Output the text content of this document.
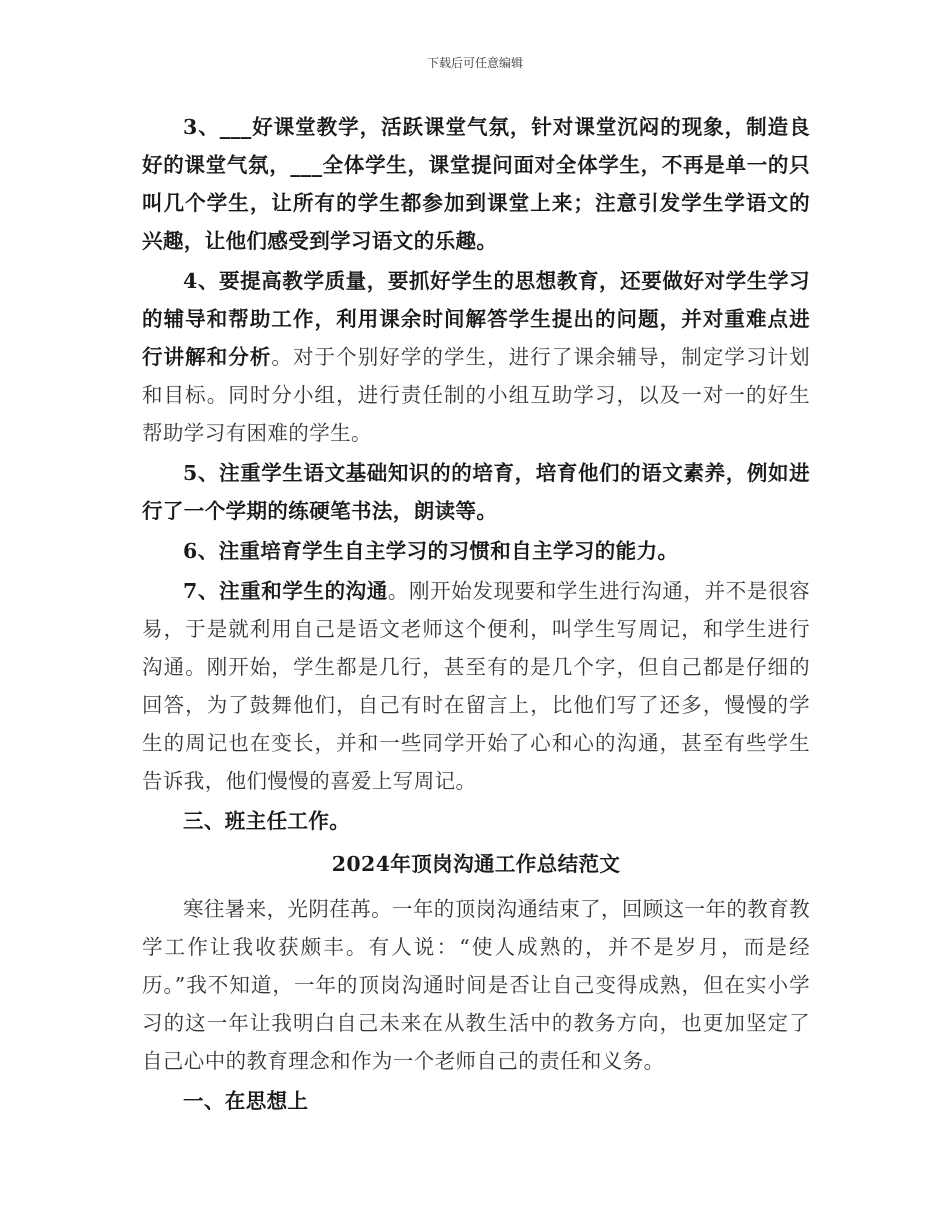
下载后可任意编辑

3、___好课堂教学，活跃课堂气氛，针对课堂沉闷的现象，制造良好的课堂气氛，___全体学生，课堂提问面对全体学生，不再是单一的只叫几个学生，让所有的学生都参加到课堂上来；注意引发学生学语文的兴趣，让他们感受到学习语文的乐趣。

4、要提高教学质量，要抓好学生的思想教育，还要做好对学生学习的辅导和帮助工作，利用课余时间解答学生提出的问题，并对重难点进行讲解和分析。对于个别好学的学生，进行了课余辅导，制定学习计划和目标。同时分小组，进行责任制的小组互助学习，以及一对一的好生帮助学习有困难的学生。

5、注重学生语文基础知识的的培育，培育他们的语文素养，例如进行了一个学期的练硬笔书法，朗读等。

6、注重培育学生自主学习的习惯和自主学习的能力。

7、注重和学生的沟通。刚开始发现要和学生进行沟通，并不是很容易，于是就利用自己是语文老师这个便利，叫学生写周记，和学生进行沟通。刚开始，学生都是几行，甚至有的是几个字，但自己都是仔细的回答，为了鼓舞他们，自己有时在留言上，比他们写了还多，慢慢的学生的周记也在变长，并和一些同学开始了心和心的沟通，甚至有些学生告诉我，他们慢慢的喜爱上写周记。

三、班主任工作。

2024年顶岗沟通工作总结范文

寒往暑来，光阴荏苒。一年的顶岗沟通结束了，回顾这一年的教育教学工作让我收获颇丰。有人说：“使人成熟的，并不是岁月，而是经历。”我不知道，一年的顶岗沟通时间是否让自己变得成熟，但在实小学习的这一年让我明白自己未来在从教生活中的教务方向，也更加坚定了自己心中的教育理念和作为一个老师自己的责任和义务。

一、在思想上
